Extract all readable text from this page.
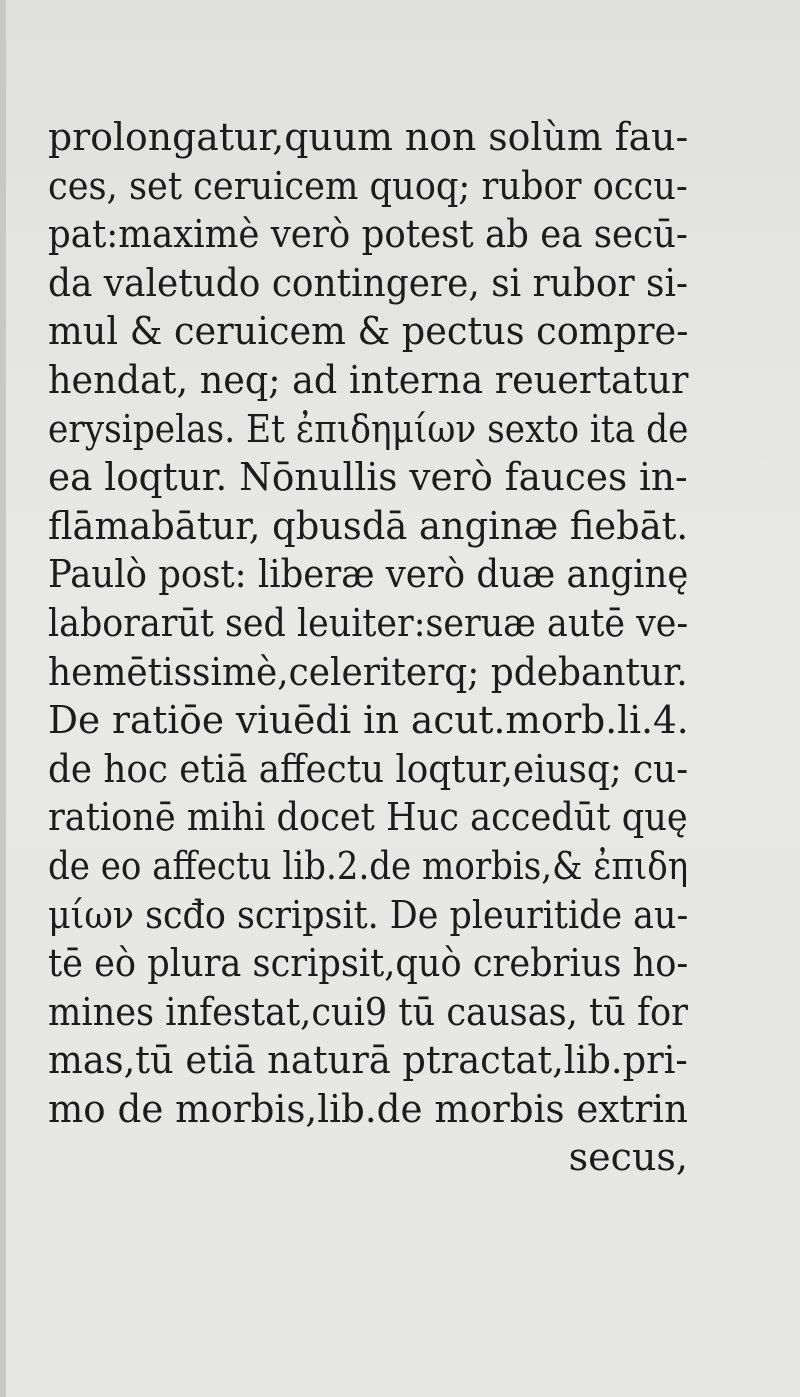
prolongatur,quum non solùm fau-
ces, set ceruicem quoq; rubor occu-
pat:maximè verò potest ab ea secū-
da valetudo contingere, si rubor si-
mul & ceruicem & pectus compre-
hendat, neq; ad interna reuertatur
erysipelas. Et ἐπιδημίων sexto ita de
ea loqtur. Nōnullis verò fauces in-
flāmabātur, qbusdā anginæ fiebāt.
Paulò post: liberæ verò duæ anginę
laborarūt sed leuiter:seruæ autē ve-
hemētissimè,celeriterq; pdebantur.
De ratiōe viuēdi in acut.morb.li.4.
de hoc etiā affectu loqtur,eiusq; cu-
rationē mihi docet Huc accedūt quę
de eo affectu lib.2.de morbis,& ἐπιδη
μίων scđo scripsit. De pleuritide au-
tē eò plura scripsit,quò crebrius ho-
mines infestat,cui9 tū causas, tū for
mas,tū etiā naturā ptractat,lib.pri-
mo de morbis,lib.de morbis extrin
secus,
